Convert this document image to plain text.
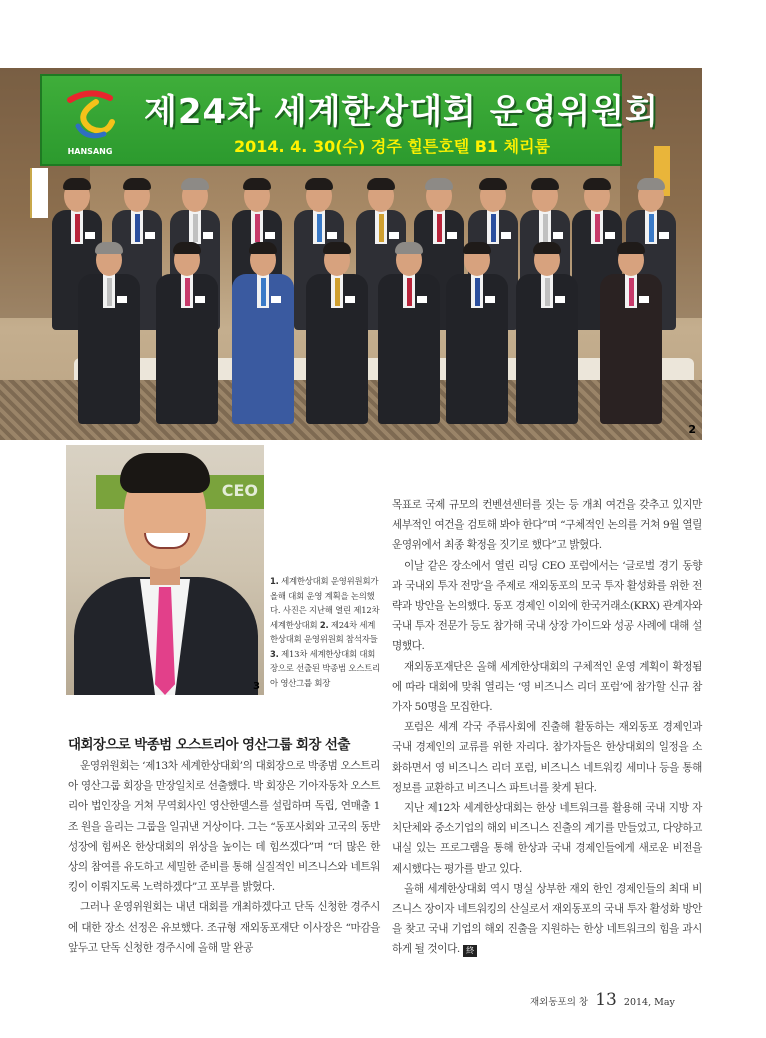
HANSANG
제24차 세계한상대회 운영위원회
2014. 4. 30(수) 경주 힐튼호텔 B1 체리룸
2
CEO
3
1. 세계한상대회 운영위원회가 올해 대회 운영 계획을 논의했다. 사진은 지난해 열린 제12차 세계한상대회 2. 제24차 세계한상대회 운영위원회 참석자들 3. 제13차 세계한상대회 대회장으로 선출된 박종범 오스트리아 영산그룹 회장
대회장으로 박종범 오스트리아 영산그룹 회장 선출

운영위원회는 ‘제13차 세계한상대회’의 대회장으로 박종범 오스트리아 영산그룹 회장을 만장일치로 선출했다. 박 회장은 기아자동차 오스트리아 법인장을 거쳐 무역회사인 영산한델스를 설립하며 독립, 연매출 1조 원을 올리는 그룹을 일궈낸 거상이다. 그는 “동포사회와 고국의 동반 성장에 힘써온 한상대회의 위상을 높이는 데 힘쓰겠다”며 “더 많은 한상의 참여를 유도하고 세밀한 준비를 통해 실질적인 비즈니스와 네트워킹이 이뤄지도록 노력하겠다”고 포부를 밝혔다.

그러나 운영위원회는 내년 대회를 개최하겠다고 단독 신청한 경주시에 대한 장소 선정은 유보했다. 조규형 재외동포재단 이사장은 “마감을 앞두고 단독 신청한 경주시에 올해 말 완공

목표로 국제 규모의 컨벤션센터를 짓는 등 개최 여건을 갖추고 있지만 세부적인 여건을 검토해 봐야 한다”며 “구체적인 논의를 거쳐 9월 열릴 운영위에서 최종 확정을 짓기로 했다”고 밝혔다.

이날 같은 장소에서 열린 리딩 CEO 포럼에서는 ‘글로벌 경기 동향과 국내외 투자 전망’을 주제로 재외동포의 모국 투자 활성화를 위한 전략과 방안을 논의했다. 동포 경제인 이외에 한국거래소(KRX) 관계자와 국내 투자 전문가 등도 참가해 국내 상장 가이드와 성공 사례에 대해 설명했다.

재외동포재단은 올해 세계한상대회의 구체적인 운영 계획이 확정됨에 따라 대회에 맞춰 열리는 ‘영 비즈니스 리더 포럼’에 참가할 신규 참가자 50명을 모집한다.

포럼은 세계 각국 주류사회에 진출해 활동하는 재외동포 경제인과 국내 경제인의 교류를 위한 자리다. 참가자들은 한상대회의 일정을 소화하면서 영 비즈니스 리더 포럼, 비즈니스 네트워킹 세미나 등을 통해 정보를 교환하고 비즈니스 파트너를 찾게 된다.

지난 제12차 세계한상대회는 한상 네트워크를 활용해 국내 지방 자치단체와 중소기업의 해외 비즈니스 진출의 계기를 만들었고, 다양하고 내실 있는 프로그램을 통해 한상과 국내 경제인들에게 새로운 비전을 제시했다는 평가를 받고 있다.

올해 세계한상대회 역시 명실 상부한 재외 한인 경제인들의 최대 비즈니스 장이자 네트워킹의 산실로서 재외동포의 국내 투자 활성화 방안을 찾고 국내 기업의 해외 진출을 지원하는 한상 네트워크의 힘을 과시하게 될 것이다. 終

재외동포의 창 13 2014, May
